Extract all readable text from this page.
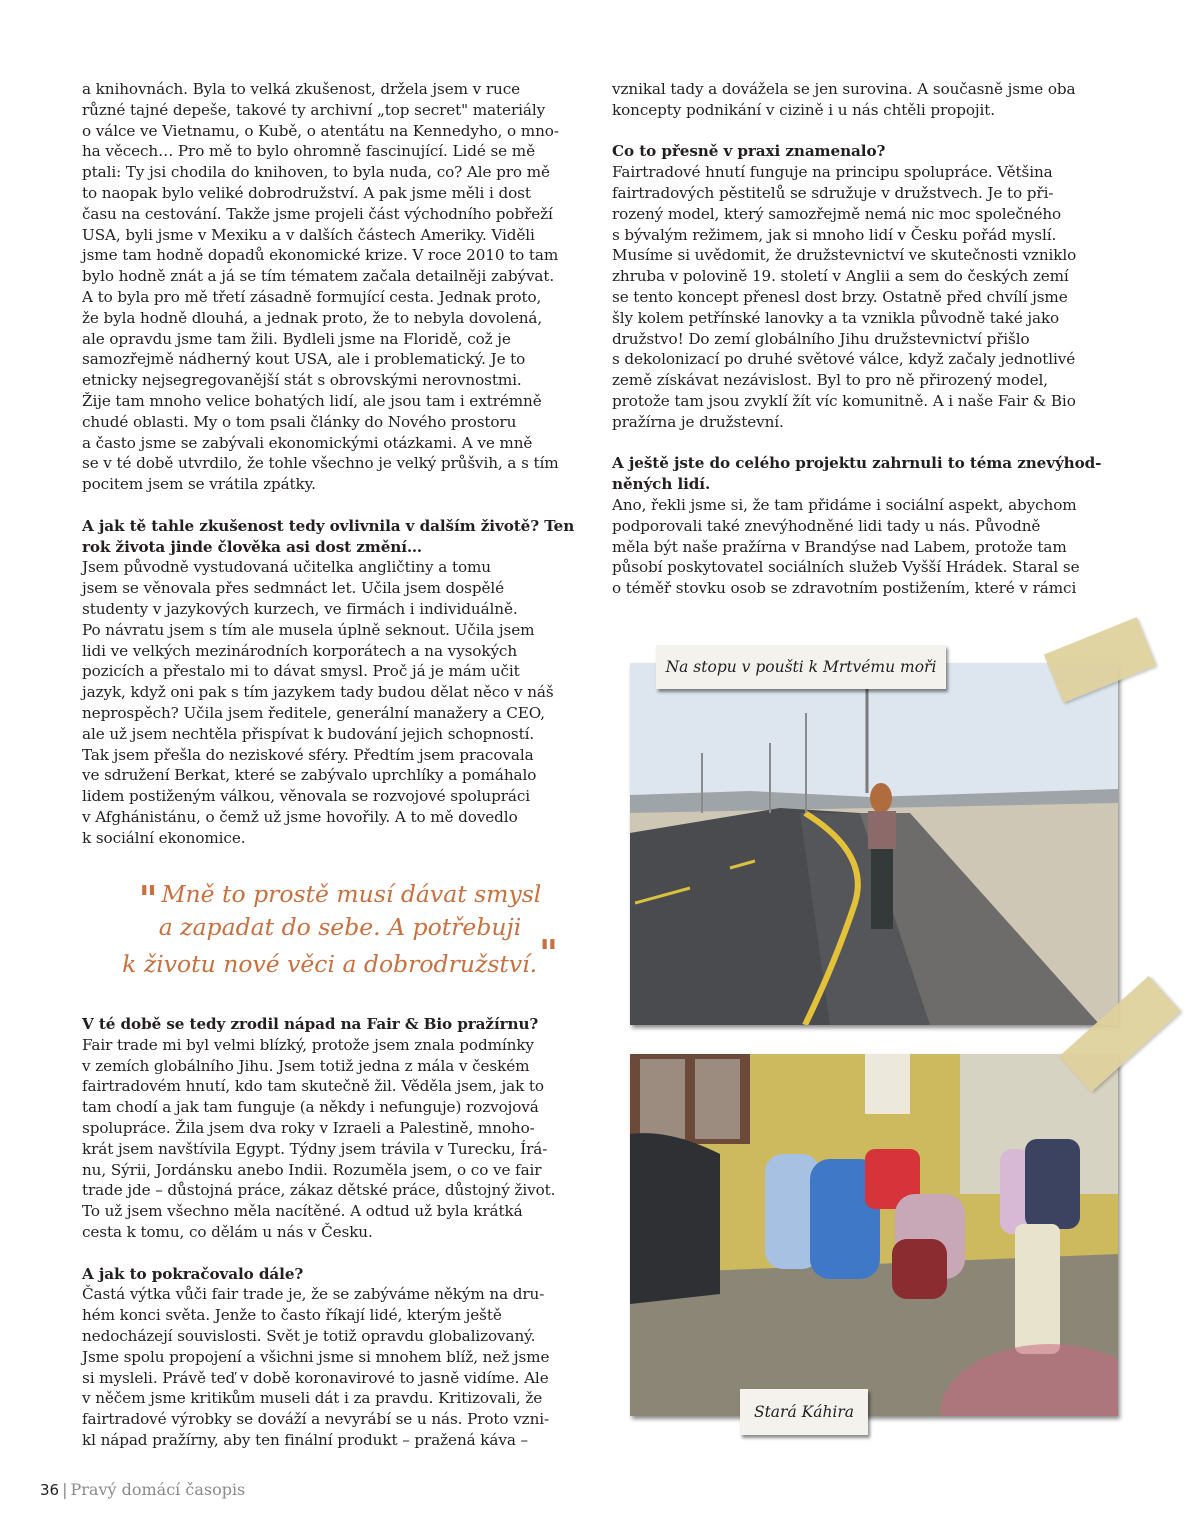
a knihovnách. Byla to velká zkušenost, držela jsem v ruce

různé tajné depeše, takové ty archivní „top secret" materiály

o válce ve Vietnamu, o Kubě, o atentátu na Kennedyho, o mno-

ha věcech… Pro mě to bylo ohromně fascinující. Lidé se mě

ptali: Ty jsi chodila do knihoven, to byla nuda, co? Ale pro mě

to naopak bylo veliké dobrodružství. A pak jsme měli i dost

času na cestování. Takže jsme projeli část východního pobřeží

USA, byli jsme v Mexiku a v dalších částech Ameriky. Viděli

jsme tam hodně dopadů ekonomické krize. V roce 2010 to tam

bylo hodně znát a já se tím tématem začala detailněji zabývat.

A to byla pro mě třetí zásadně formující cesta. Jednak proto,

že byla hodně dlouhá, a jednak proto, že to nebyla dovolená,

ale opravdu jsme tam žili. Bydleli jsme na Floridě, což je

samozřejmě nádherný kout USA, ale i problematický. Je to

etnicky nejsegregovanější stát s obrovskými nerovnostmi.

Žije tam mnoho velice bohatých lidí, ale jsou tam i extrémně

chudé oblasti. My o tom psali články do Nového prostoru

a často jsme se zabývali ekonomickými otázkami. A ve mně

se v té době utvrdilo, že tohle všechno je velký průšvih, a s tím

pocitem jsem se vrátila zpátky.

A jak tě tahle zkušenost tedy ovlivnila v dalším životě? Ten

rok života jinde člověka asi dost změní…

Jsem původně vystudovaná učitelka angličtiny a tomu

jsem se věnovala přes sedmnáct let. Učila jsem dospělé

studenty v jazykových kurzech, ve firmách i individuálně.

Po návratu jsem s tím ale musela úplně seknout. Učila jsem

lidi ve velkých mezinárodních korporátech a na vysokých

pozicích a přestalo mi to dávat smysl. Proč já je mám učit

jazyk, když oni pak s tím jazykem tady budou dělat něco v náš

neprospěch? Učila jsem ředitele, generální manažery a CEO,

ale už jsem nechtěla přispívat k budování jejich schopností.

Tak jsem přešla do neziskové sféry. Předtím jsem pracovala

ve sdružení Berkat, které se zabývalo uprchlíky a pomáhalo

lidem postiženým válkou, věnovala se rozvojové spolupráci

v Afghánistánu, o čemž už jsme hovořily. A to mě dovedlo

k sociální ekonomice.

" Mně to prostě musí dávat smysl

a zapadat do sebe. A potřebuji

k životu nové věci a dobrodružství."

V té době se tedy zrodil nápad na Fair & Bio pražírnu?

Fair trade mi byl velmi blízký, protože jsem znala podmínky

v zemích globálního Jihu. Jsem totiž jedna z mála v českém

fairtradovém hnutí, kdo tam skutečně žil. Věděla jsem, jak to

tam chodí a jak tam funguje (a někdy i nefunguje) rozvojová

spolupráce. Žila jsem dva roky v Izraeli a Palestině, mnoho-

krát jsem navštívila Egypt. Týdny jsem trávila v Turecku, Írá-

nu, Sýrii, Jordánsku anebo Indii. Rozuměla jsem, o co ve fair

trade jde – důstojná práce, zákaz dětské práce, důstojný život.

To už jsem všechno měla nacítěné. A odtud už byla krátká

cesta k tomu, co dělám u nás v Česku.

A jak to pokračovalo dále?

Častá výtka vůči fair trade je, že se zabýváme někým na dru-

hém konci světa. Jenže to často říkají lidé, kterým ještě

nedocházejí souvislosti. Svět je totiž opravdu globalizovaný.

Jsme spolu propojení a všichni jsme si mnohem blíž, než jsme

si mysleli. Právě teď v době koronavirové to jasně vidíme. Ale

v něčem jsme kritikům museli dát i za pravdu. Kritizovali, že

fairtradové výrobky se dováží a nevyrábí se u nás. Proto vzni-

kl nápad pražírny, aby ten finální produkt – pražená káva –

vznikal tady a dovážela se jen surovina. A současně jsme oba

koncepty podnikání v cizině i u nás chtěli propojit.

Co to přesně v praxi znamenalo?

Fairtradové hnutí funguje na principu spolupráce. Většina

fairtradových pěstitelů se sdružuje v družstvech. Je to při-

rozený model, který samozřejmě nemá nic moc společného

s bývalým režimem, jak si mnoho lidí v Česku pořád myslí.

Musíme si uvědomit, že družstevnictví ve skutečnosti vzniklo

zhruba v polovině 19. století v Anglii a sem do českých zemí

se tento koncept přenesl dost brzy. Ostatně před chvílí jsme

šly kolem petřínské lanovky a ta vznikla původně také jako

družstvo! Do zemí globálního Jihu družstevnictví přišlo

s dekolonizací po druhé světové válce, když začaly jednotlivé

země získávat nezávislost. Byl to pro ně přirozený model,

protože tam jsou zvyklí žít víc komunitně. A i naše Fair & Bio

pražírna je družstevní.

A ještě jste do celého projektu zahrnuli to téma znevýhod-

něných lidí.

Ano, řekli jsme si, že tam přidáme i sociální aspekt, abychom

podporovali také znevýhodněné lidi tady u nás. Původně

měla být naše pražírna v Brandýse nad Labem, protože tam

působí poskytovatel sociálních služeb Vyšší Hrádek. Staral se

o téměř stovku osob se zdravotním postižením, které v rámci

Na stopu v poušti k Mrtvému moři
Stará Káhira
36 | Pravý domácí časopis
